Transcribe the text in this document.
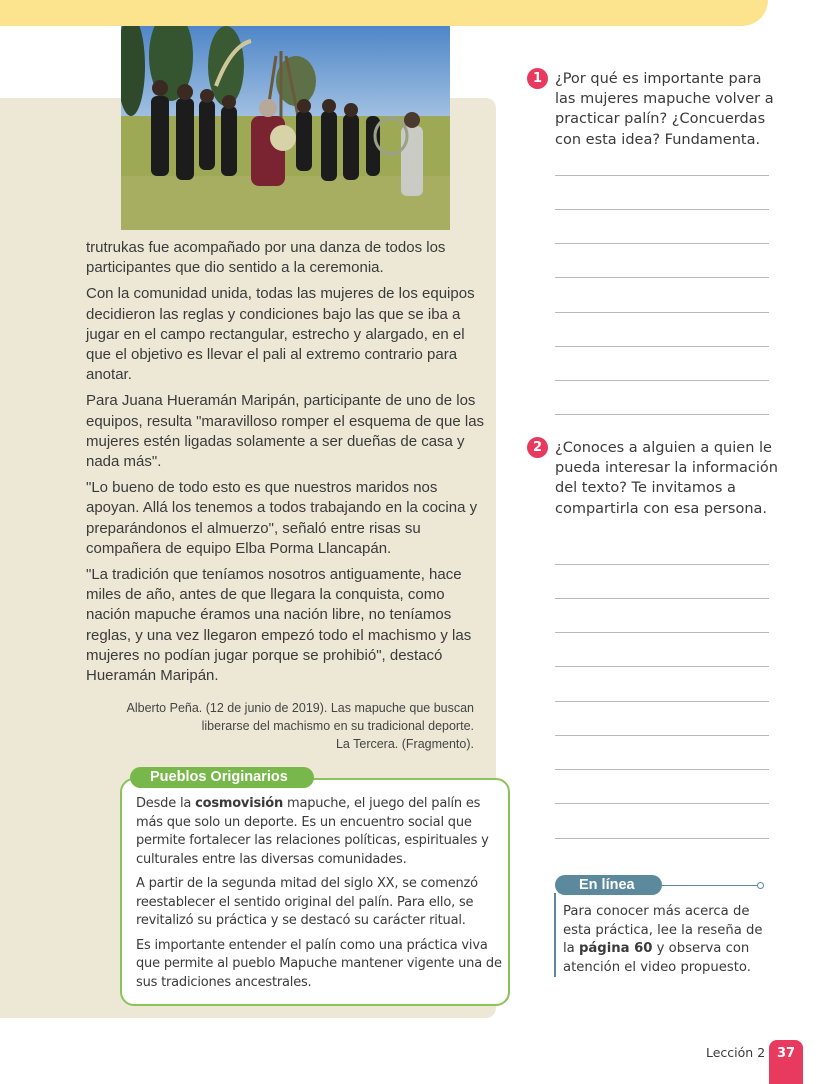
trutrukas fue acompañado por una danza de todos los participantes que dio sentido a la ceremonia.

Con la comunidad unida, todas las mujeres de los equipos decidieron las reglas y condiciones bajo las que se iba a jugar en el campo rectangular, estrecho y alargado, en el que el objetivo es llevar el pali al extremo contrario para anotar.

Para Juana Hueramán Maripán, participante de uno de los equipos, resulta "maravilloso romper el esquema de que las mujeres estén ligadas solamente a ser dueñas de casa y nada más".

"Lo bueno de todo esto es que nuestros maridos nos apoyan. Allá los tenemos a todos trabajando en la cocina y preparándonos el almuerzo", señaló entre risas su compañera de equipo Elba Porma Llancapán.

"La tradición que teníamos nosotros antiguamente, hace miles de año, antes de que llegara la conquista, como nación mapuche éramos una nación libre, no teníamos reglas, y una vez llegaron empezó todo el machismo y las mujeres no podían jugar porque se prohibió", destacó Hueramán Maripán.

Alberto Peña. (12 de junio de 2019). Las mapuche que buscan
liberarse del machismo en su tradicional deporte.
La Tercera. (Fragmento).
Pueblos Originarios

Desde la cosmovisión mapuche, el juego del palín es más que solo un deporte. Es un encuentro social que permite fortalecer las relaciones políticas, espirituales y culturales entre las diversas comunidades.

A partir de la segunda mitad del siglo XX, se comenzó reestablecer el sentido original del palín. Para ello, se revitalizó su práctica y se destacó su carácter ritual.

Es importante entender el palín como una práctica viva que permite al pueblo Mapuche mantener vigente una de sus tradiciones ancestrales.

1 ¿Por qué es importante para las mujeres mapuche volver a practicar palín? ¿Concuerdas con esta idea? Fundamenta.
2 ¿Conoces a alguien a quien le pueda interesar la información del texto? Te invitamos a compartirla con esa persona.
En línea
Para conocer más acerca de esta práctica, lee la reseña de la página 60 y observa con atención el video propuesto.
Lección 2 37
